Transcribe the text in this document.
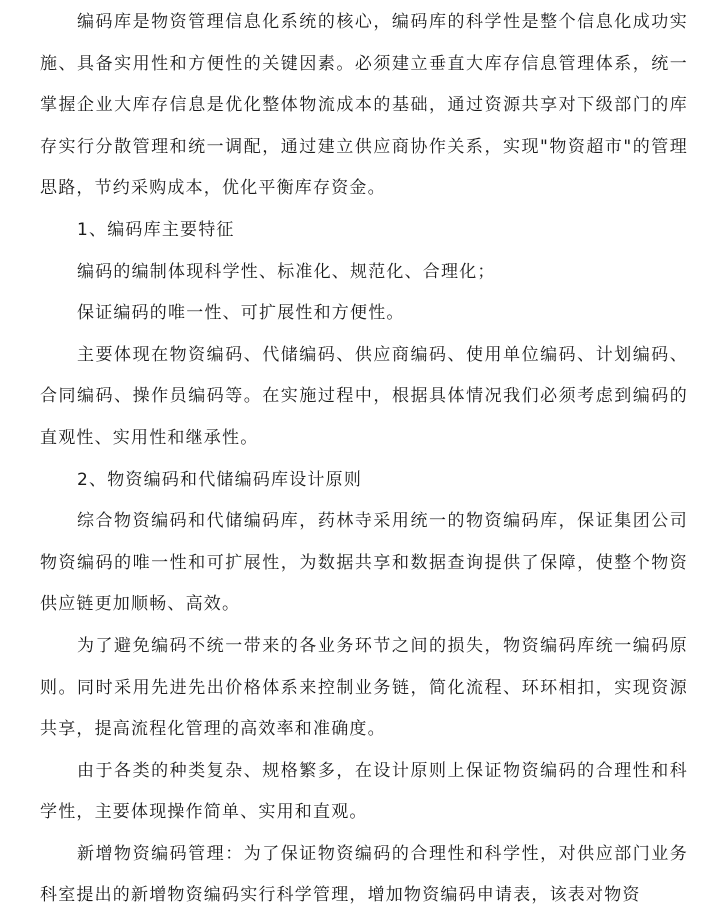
编码库是物资管理信息化系统的核心，编码库的科学性是整个信息化成功实施、具备实用性和方便性的关键因素。必须建立垂直大库存信息管理体系，统一掌握企业大库存信息是优化整体物流成本的基础，通过资源共享对下级部门的库存实行分散管理和统一调配，通过建立供应商协作关系，实现"物资超市"的管理思路，节约采购成本，优化平衡库存资金。

1、编码库主要特征

编码的编制体现科学性、标准化、规范化、合理化；

保证编码的唯一性、可扩展性和方便性。

主要体现在物资编码、代储编码、供应商编码、使用单位编码、计划编码、合同编码、操作员编码等。在实施过程中，根据具体情况我们必须考虑到编码的直观性、实用性和继承性。

2、物资编码和代储编码库设计原则

综合物资编码和代储编码库，药林寺采用统一的物资编码库，保证集团公司物资编码的唯一性和可扩展性，为数据共享和数据查询提供了保障，使整个物资供应链更加顺畅、高效。

为了避免编码不统一带来的各业务环节之间的损失，物资编码库统一编码原则。同时采用先进先出价格体系来控制业务链，简化流程、环环相扣，实现资源共享，提高流程化管理的高效率和准确度。

由于各类的种类复杂、规格繁多，在设计原则上保证物资编码的合理性和科学性，主要体现操作简单、实用和直观。

新增物资编码管理：为了保证物资编码的合理性和科学性，对供应部门业务科室提出的新增物资编码实行科学管理，增加物资编码申请表，该表对物资
